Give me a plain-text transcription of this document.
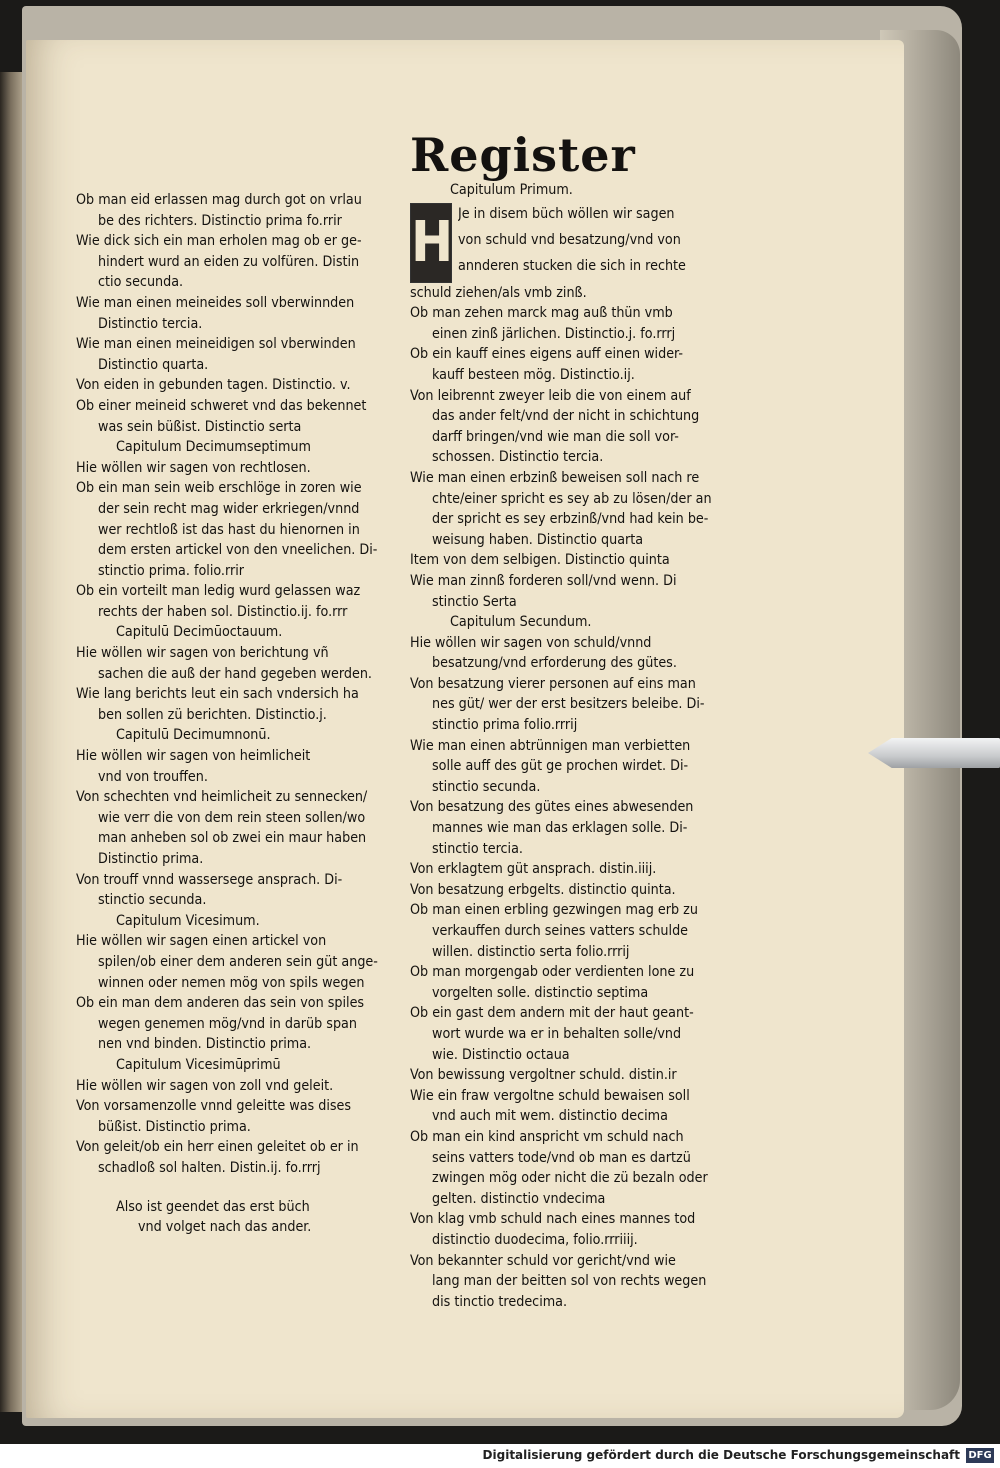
Register
Ob man eid erlassen mag durch got on vrlau
be des richters. Distinctio prima fo.rrir
Wie dick sich ein man erholen mag ob er ge-
hindert wurd an eiden zu volfüren. Distin
ctio secunda.
Wie man einen meineides soll vberwinnden
Distinctio tercia.
Wie man einen meineidigen sol vberwinden
Distinctio quarta.
Von eiden in gebunden tagen. Distinctio. v.
Ob einer meineid schweret vnd das bekennet
was sein büßist. Distinctio serta
Capitulum Decimumseptimum
Hie wöllen wir sagen von rechtlosen.
Ob ein man sein weib erschlöge in zoren wie
der sein recht mag wider erkriegen/vnnd
wer rechtloß ist das hast du hienornen in
dem ersten artickel von den vneelichen. Di-
stinctio prima. folio.rrir
Ob ein vorteilt man ledig wurd gelassen waz
rechts der haben sol. Distinctio.ij. fo.rrr
Capitulū Decimūoctauum.
Hie wöllen wir sagen von berichtung vñ
sachen die auß der hand gegeben werden.
Wie lang berichts leut ein sach vndersich ha
ben sollen zü berichten. Distinctio.j.
Capitulū Decimumnonū.
Hie wöllen wir sagen von heimlicheit
vnd von trouffen.
Von schechten vnd heimlicheit zu sennecken/
wie verr die von dem rein steen sollen/wo
man anheben sol ob zwei ein maur haben
Distinctio prima.
Von trouff vnnd wassersege ansprach. Di-
stinctio secunda.
Capitulum Vicesimum.
Hie wöllen wir sagen einen artickel von
spilen/ob einer dem anderen sein güt ange-
winnen oder nemen mög von spils wegen
Ob ein man dem anderen das sein von spiles
wegen genemen mög/vnd in darüb span
nen vnd binden. Distinctio prima.
Capitulum Vicesimūprimū
Hie wöllen wir sagen von zoll vnd geleit.
Von vorsamenzolle vnnd geleitte was dises
büßist. Distinctio prima.
Von geleit/ob ein herr einen geleitet ob er in
schadloß sol halten. Distin.ij. fo.rrrj
Also ist geendet das erst büch
vnd volget nach das ander.
Capitulum Primum.
H Je in disem büch wöllen wir sagen
von schuld vnd besatzung/vnd von
annderen stucken die sich in rechte
schuld ziehen/als vmb zinß.
Ob man zehen marck mag auß thün vmb
einen zinß järlichen. Distinctio.j. fo.rrrj
Ob ein kauff eines eigens auff einen wider-
kauff besteen mög. Distinctio.ij.
Von leibrennt zweyer leib die von einem auf
das ander felt/vnd der nicht in schichtung
darff bringen/vnd wie man die soll vor-
schossen. Distinctio tercia.
Wie man einen erbzinß beweisen soll nach re
chte/einer spricht es sey ab zu lösen/der an
der spricht es sey erbzinß/vnd had kein be-
weisung haben. Distinctio quarta
Item von dem selbigen. Distinctio quinta
Wie man zinnß forderen soll/vnd wenn. Di
stinctio Serta
Capitulum Secundum.
Hie wöllen wir sagen von schuld/vnnd
besatzung/vnd erforderung des gütes.
Von besatzung vierer personen auf eins man
nes güt/ wer der erst besitzers beleibe. Di-
stinctio prima folio.rrrij
Wie man einen abtrünnigen man verbietten
solle auff des güt ge prochen wirdet. Di-
stinctio secunda.
Von besatzung des gütes eines abwesenden
mannes wie man das erklagen solle. Di-
stinctio tercia.
Von erklagtem güt ansprach. distin.iiij.
Von besatzung erbgelts. distinctio quinta.
Ob man einen erbling gezwingen mag erb zu
verkauffen durch seines vatters schulde
willen. distinctio serta folio.rrrij
Ob man morgengab oder verdienten lone zu
vorgelten solle. distinctio septima
Ob ein gast dem andern mit der haut geant-
wort wurde wa er in behalten solle/vnd
wie. Distinctio octaua
Von bewissung vergoltner schuld. distin.ir
Wie ein fraw vergoltne schuld bewaisen soll
vnd auch mit wem. distinctio decima
Ob man ein kind anspricht vm schuld nach
seins vatters tode/vnd ob man es dartzü
zwingen mög oder nicht die zü bezaln oder
gelten. distinctio vndecima
Von klag vmb schuld nach eines mannes tod
distinctio duodecima, folio.rrriiij.
Von bekannter schuld vor gericht/vnd wie
lang man der beitten sol von rechts wegen
dis tinctio tredecima.
Digitalisierung gefördert durch die Deutsche Forschungsgemeinschaft DFG
